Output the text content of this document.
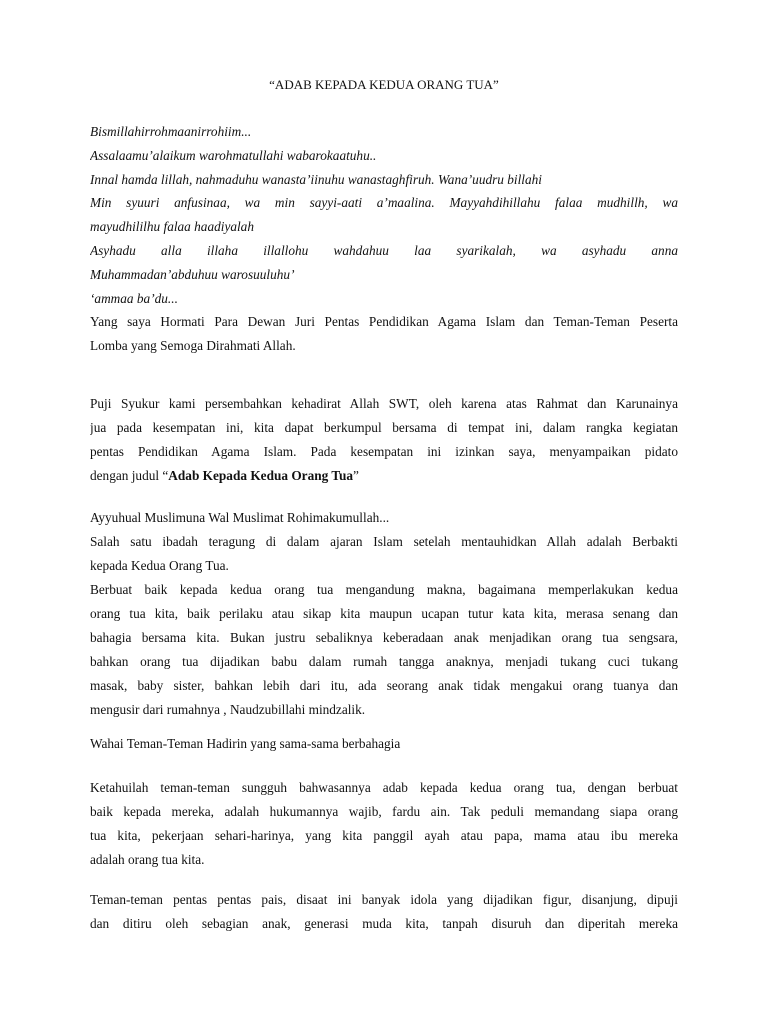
“ADAB KEPADA KEDUA ORANG TUA”
Bismillahirrohmaanirrohiim...
Assalaamu’alaikum warohmatullahi wabarokaatuhu..
Innal hamda lillah, nahmaduhu wanasta’iinuhu wanastaghfiruh. Wana’uudru billahi
Min syuuri anfusinaa, wa min sayyi-aati a’maalina. Mayyahdihillahu falaa mudhillh, wa
mayudhililhu falaa haadiyalah
Asyhadu alla illaha illallohu wahdahuu laa syarikalah, wa asyhadu anna
Muhammadan’abduhuu warosuuluhu’
‘ammaa ba’du...
Yang saya Hormati Para Dewan Juri Pentas Pendidikan Agama Islam dan Teman-Teman Peserta
Lomba yang Semoga Dirahmati Allah.
Puji Syukur kami persembahkan kehadirat Allah SWT, oleh karena atas Rahmat dan Karunainya
jua pada kesempatan ini, kita dapat berkumpul bersama di tempat ini, dalam rangka kegiatan
pentas Pendidikan Agama Islam. Pada kesempatan ini izinkan saya, menyampaikan pidato
dengan judul “Adab Kepada Kedua Orang Tua”
Ayyuhual Muslimuna Wal Muslimat Rohimakumullah...
Salah satu ibadah teragung di dalam ajaran Islam setelah mentauhidkan Allah adalah Berbakti
kepada Kedua Orang Tua.
Berbuat baik kepada kedua orang tua mengandung makna, bagaimana memperlakukan kedua
orang tua kita, baik perilaku atau sikap kita maupun ucapan tutur kata kita, merasa senang dan
bahagia bersama kita. Bukan justru sebaliknya keberadaan anak menjadikan orang tua sengsara,
bahkan orang tua dijadikan babu dalam rumah tangga anaknya, menjadi tukang cuci tukang
masak, baby sister, bahkan lebih dari itu, ada seorang anak tidak mengakui orang tuanya dan
mengusir dari rumahnya , Naudzubillahi mindzalik.
Wahai Teman-Teman Hadirin yang sama-sama berbahagia
Ketahuilah teman-teman sungguh bahwasannya adab kepada kedua orang tua, dengan berbuat
baik kepada mereka, adalah hukumannya wajib, fardu ain. Tak peduli memandang siapa orang
tua kita, pekerjaan sehari-harinya, yang kita panggil ayah atau papa, mama atau ibu mereka
adalah orang tua kita.
Teman-teman pentas pentas pais, disaat ini banyak idola yang dijadikan figur, disanjung, dipuji
dan ditiru oleh sebagian anak, generasi muda kita, tanpah disuruh dan diperitah mereka
